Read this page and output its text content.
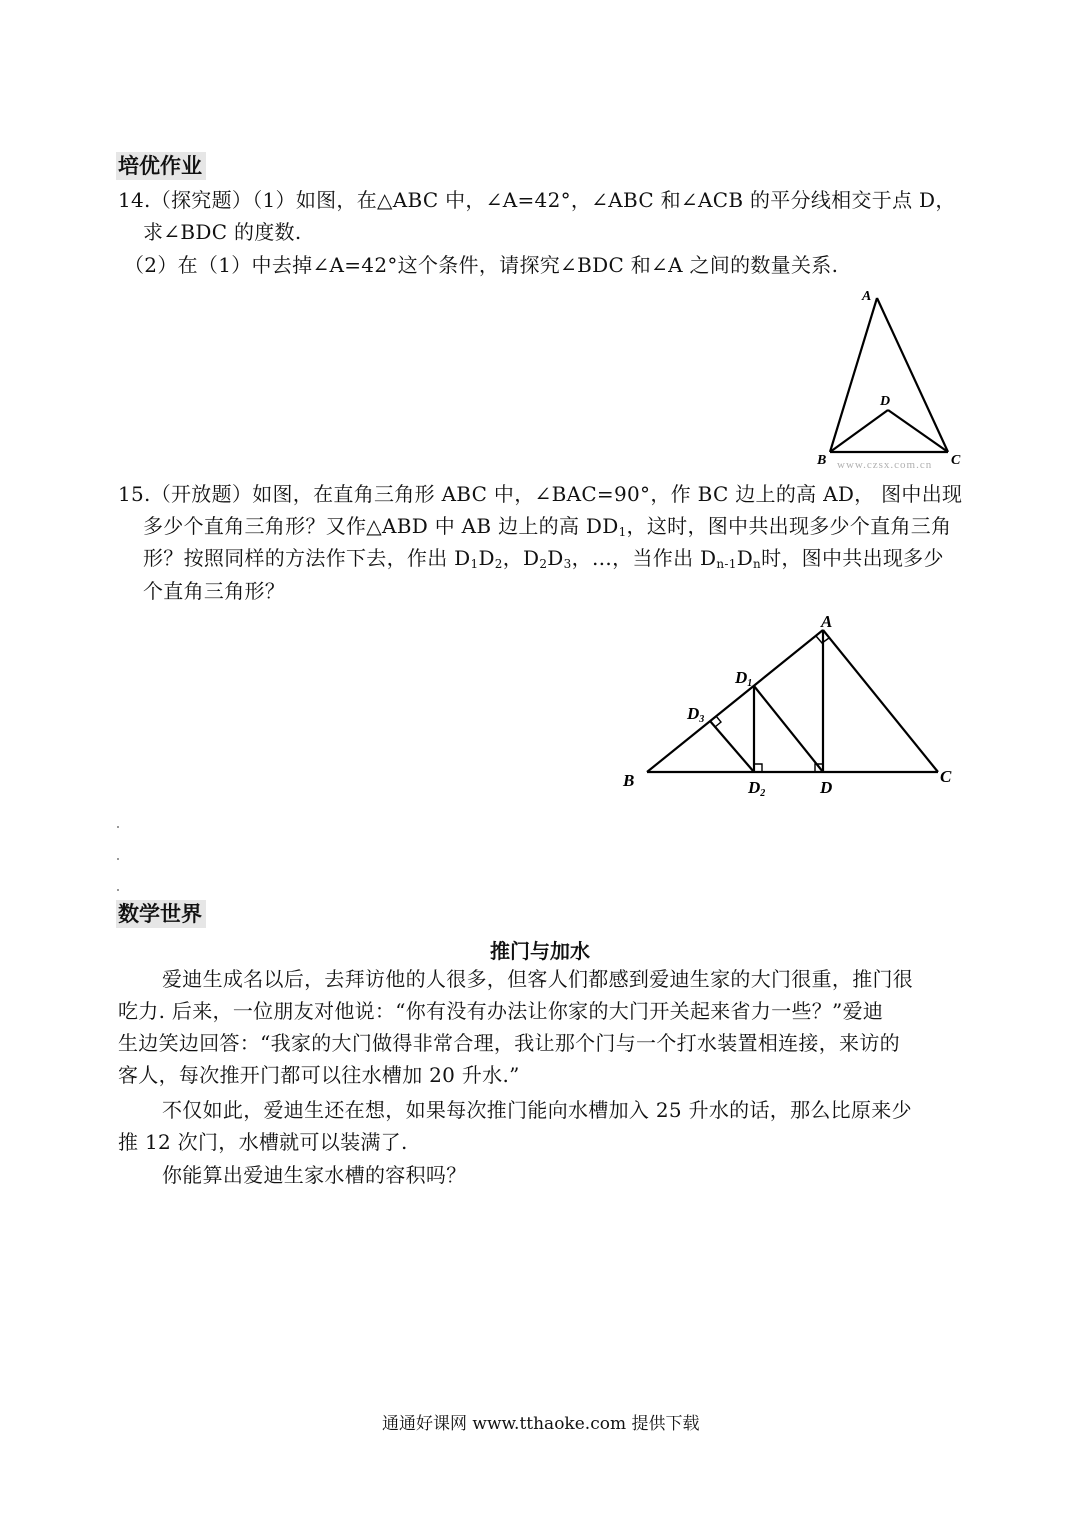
培优作业
14.（探究题）（1）如图，在△ABC 中，∠A=42°，∠ABC 和∠ACB 的平分线相交于点 D，
求∠BDC 的度数.
（2）在（1）中去掉∠A=42°这个条件，请探究∠BDC 和∠A 之间的数量关系.
A
D
B	C
www.czsx.com.cn
15.（开放题）如图，在直角三角形 ABC 中，∠BAC=90°，作 BC 边上的高 AD， 图中出现
多少个直角三角形？又作△ABD 中 AB 边上的高 $DD_1$，这时，图中共出现多少个直角三角
形？按照同样的方法作下去，作出 $D_1D_2$，$D_2D_3$，…，当作出 $D_{n-1}D_n$时，图中共出现多少
个直角三角形？
A
D1
D3
B	D2	D
C
数学世界
推门与加水
爱迪生成名以后，去拜访他的人很多，但客人们都感到爱迪生家的大门很重，推门很
吃力. 后来，一位朋友对他说：“你有没有办法让你家的大门开关起来省力一些？”爱迪
生边笑边回答：“我家的大门做得非常合理，我让那个门与一个打水装置相连接，来访的
客人，每次推开门都可以往水槽加 20 升水.”
不仅如此，爱迪生还在想，如果每次推门能向水槽加入 25 升水的话，那么比原来少
推 12 次门，水槽就可以装满了.
你能算出爱迪生家水槽的容积吗？
通通好课网 www.tthaoke.com 提供下载
